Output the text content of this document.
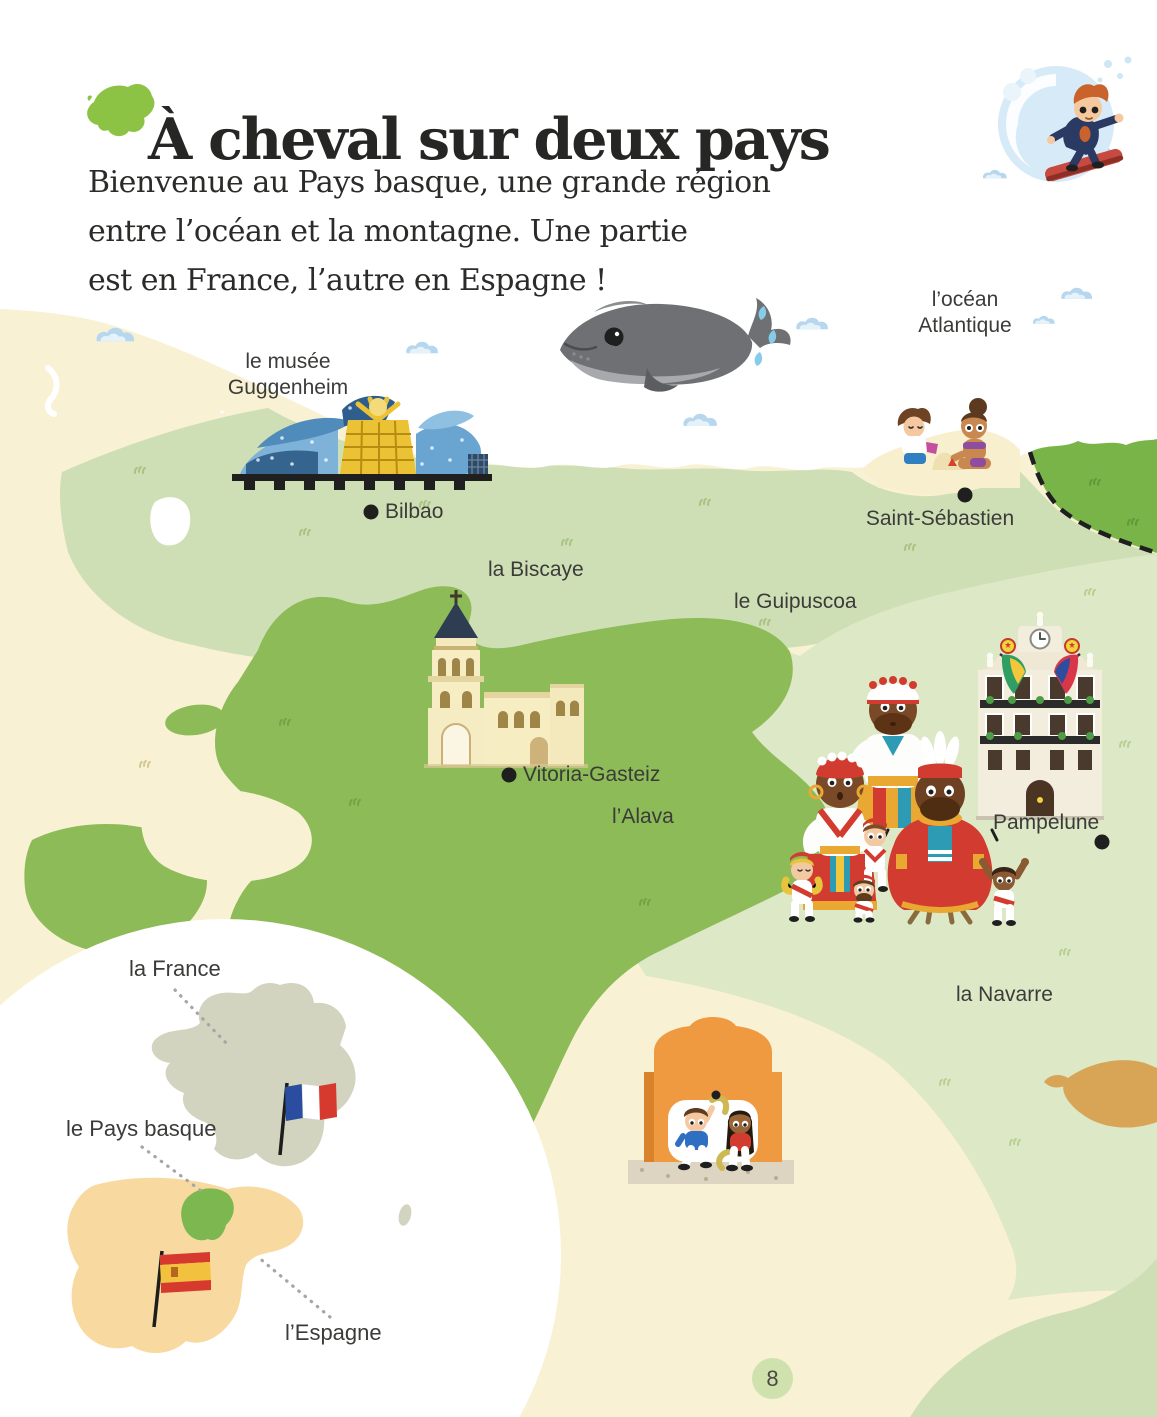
À cheval sur deux pays
Bienvenue au Pays basque, une grande région
entre l’océan et la montagne. Une partie
est en France, l’autre en Espagne !
l’océan
Atlantique
le musée
Guggenheim
Bilbao
la Biscaye
le Guipuscoa
Saint-Sébastien
Vitoria-Gasteiz
l’Alava	Pampelune
la Navarre
la France
le Pays basque
l’Espagne
8
